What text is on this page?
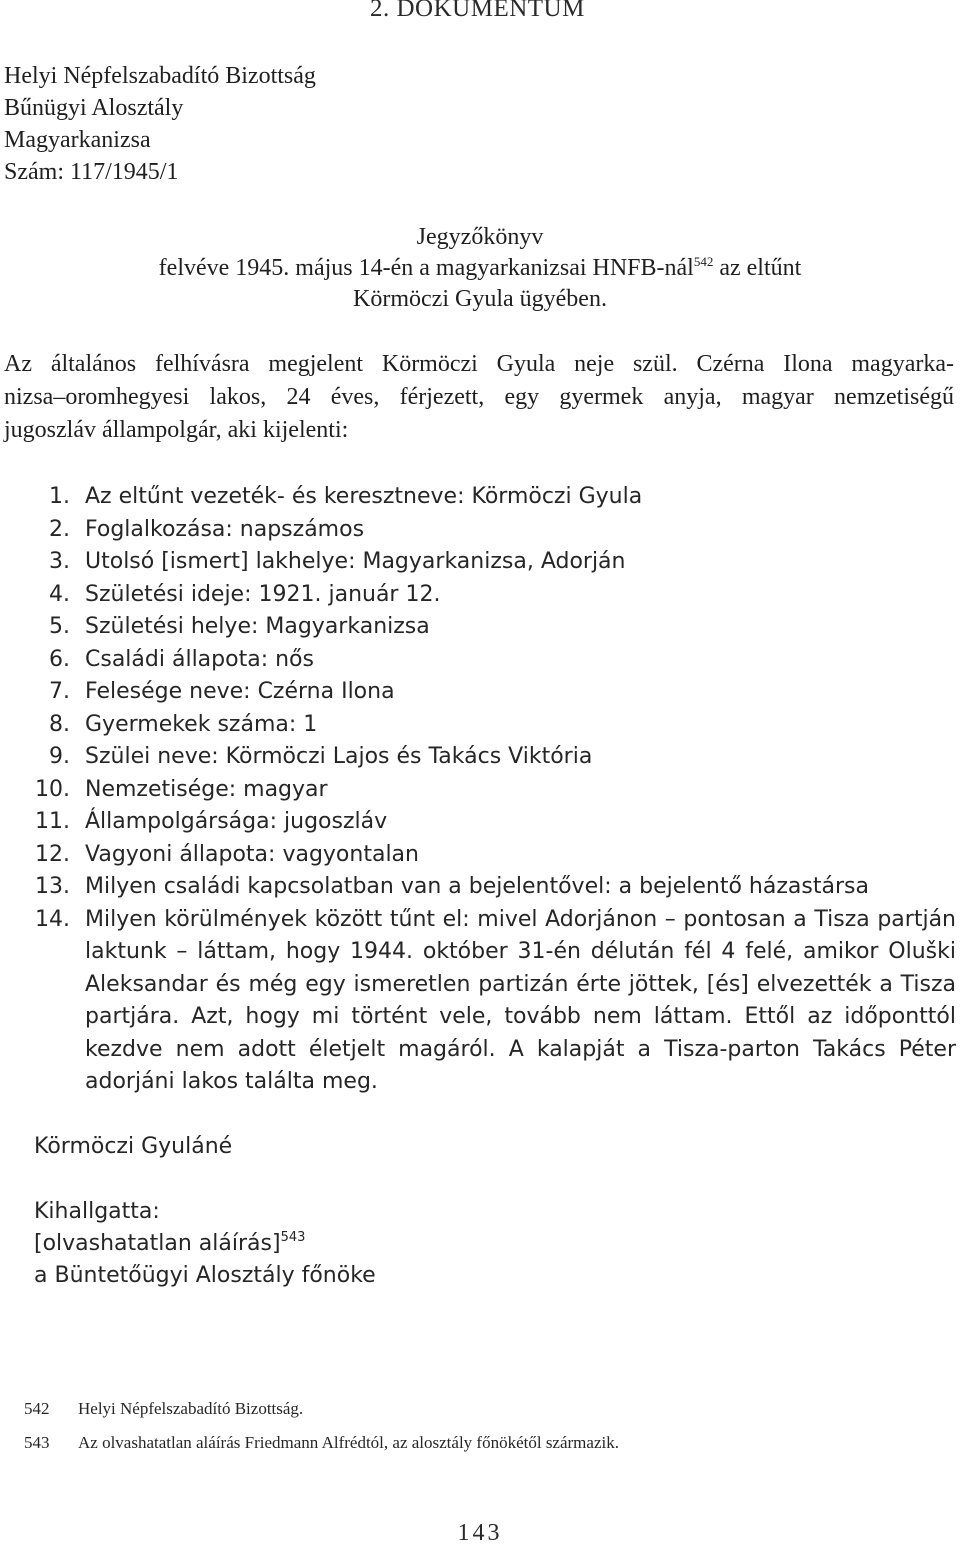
2. DOKUMENTUM
Helyi Népfelszabadító Bizottság
Bűnügyi Alosztály
Magyarkanizsa
Szám: 117/1945/1
Jegyzőkönyv
felvéve 1945. május 14-én a magyarkanizsai HNFB-nál$^{542}$ az eltűnt
Körmöczi Gyula ügyében.
Az általános felhívásra megjelent Körmöczi Gyula neje szül. Czérna Ilona magyarka-
nizsa–oromhegyesi lakos, 24 éves, férjezett, egy gyermek anyja, magyar nemzetiségű
jugoszláv állampolgár, aki kijelenti:
1. Az eltűnt vezeték- és keresztneve: Körmöczi Gyula
2. Foglalkozása: napszámos
3. Utolsó [ismert] lakhelye: Magyarkanizsa, Adorján
4. Születési ideje: 1921. január 12.
5. Születési helye: Magyarkanizsa
6. Családi állapota: nős
7. Felesége neve: Czérna Ilona
8. Gyermekek száma: 1
9. Szülei neve: Körmöczi Lajos és Takács Viktória
10. Nemzetisége: magyar
11. Állampolgársága: jugoszláv
12. Vagyoni állapota: vagyontalan
13. Milyen családi kapcsolatban van a bejelentővel: a bejelentő házastársa
14. Milyen körülmények között tűnt el: mivel Adorjánon – pontosan a Tisza partján laktunk – láttam, hogy 1944. október 31-én délután fél 4 felé, amikor Oluški Aleksandar és még egy ismeretlen partizán érte jöttek, [és] elvezették a Tisza partjára. Azt, hogy mi történt vele, tovább nem láttam. Ettől az időponttól kezdve nem adott életjelt magáról. A kalapját a Tisza-parton Takács Péter adorjáni lakos találta meg.
Körmöczi Gyuláné
Kihallgatta:
[olvashatatlan aláírás]$^{543}$
a Büntetőügyi Alosztály főnöke
542 Helyi Népfelszabadító Bizottság.
543 Az olvashatatlan aláírás Friedmann Alfrédtól, az alosztály főnökétől származik.
143
